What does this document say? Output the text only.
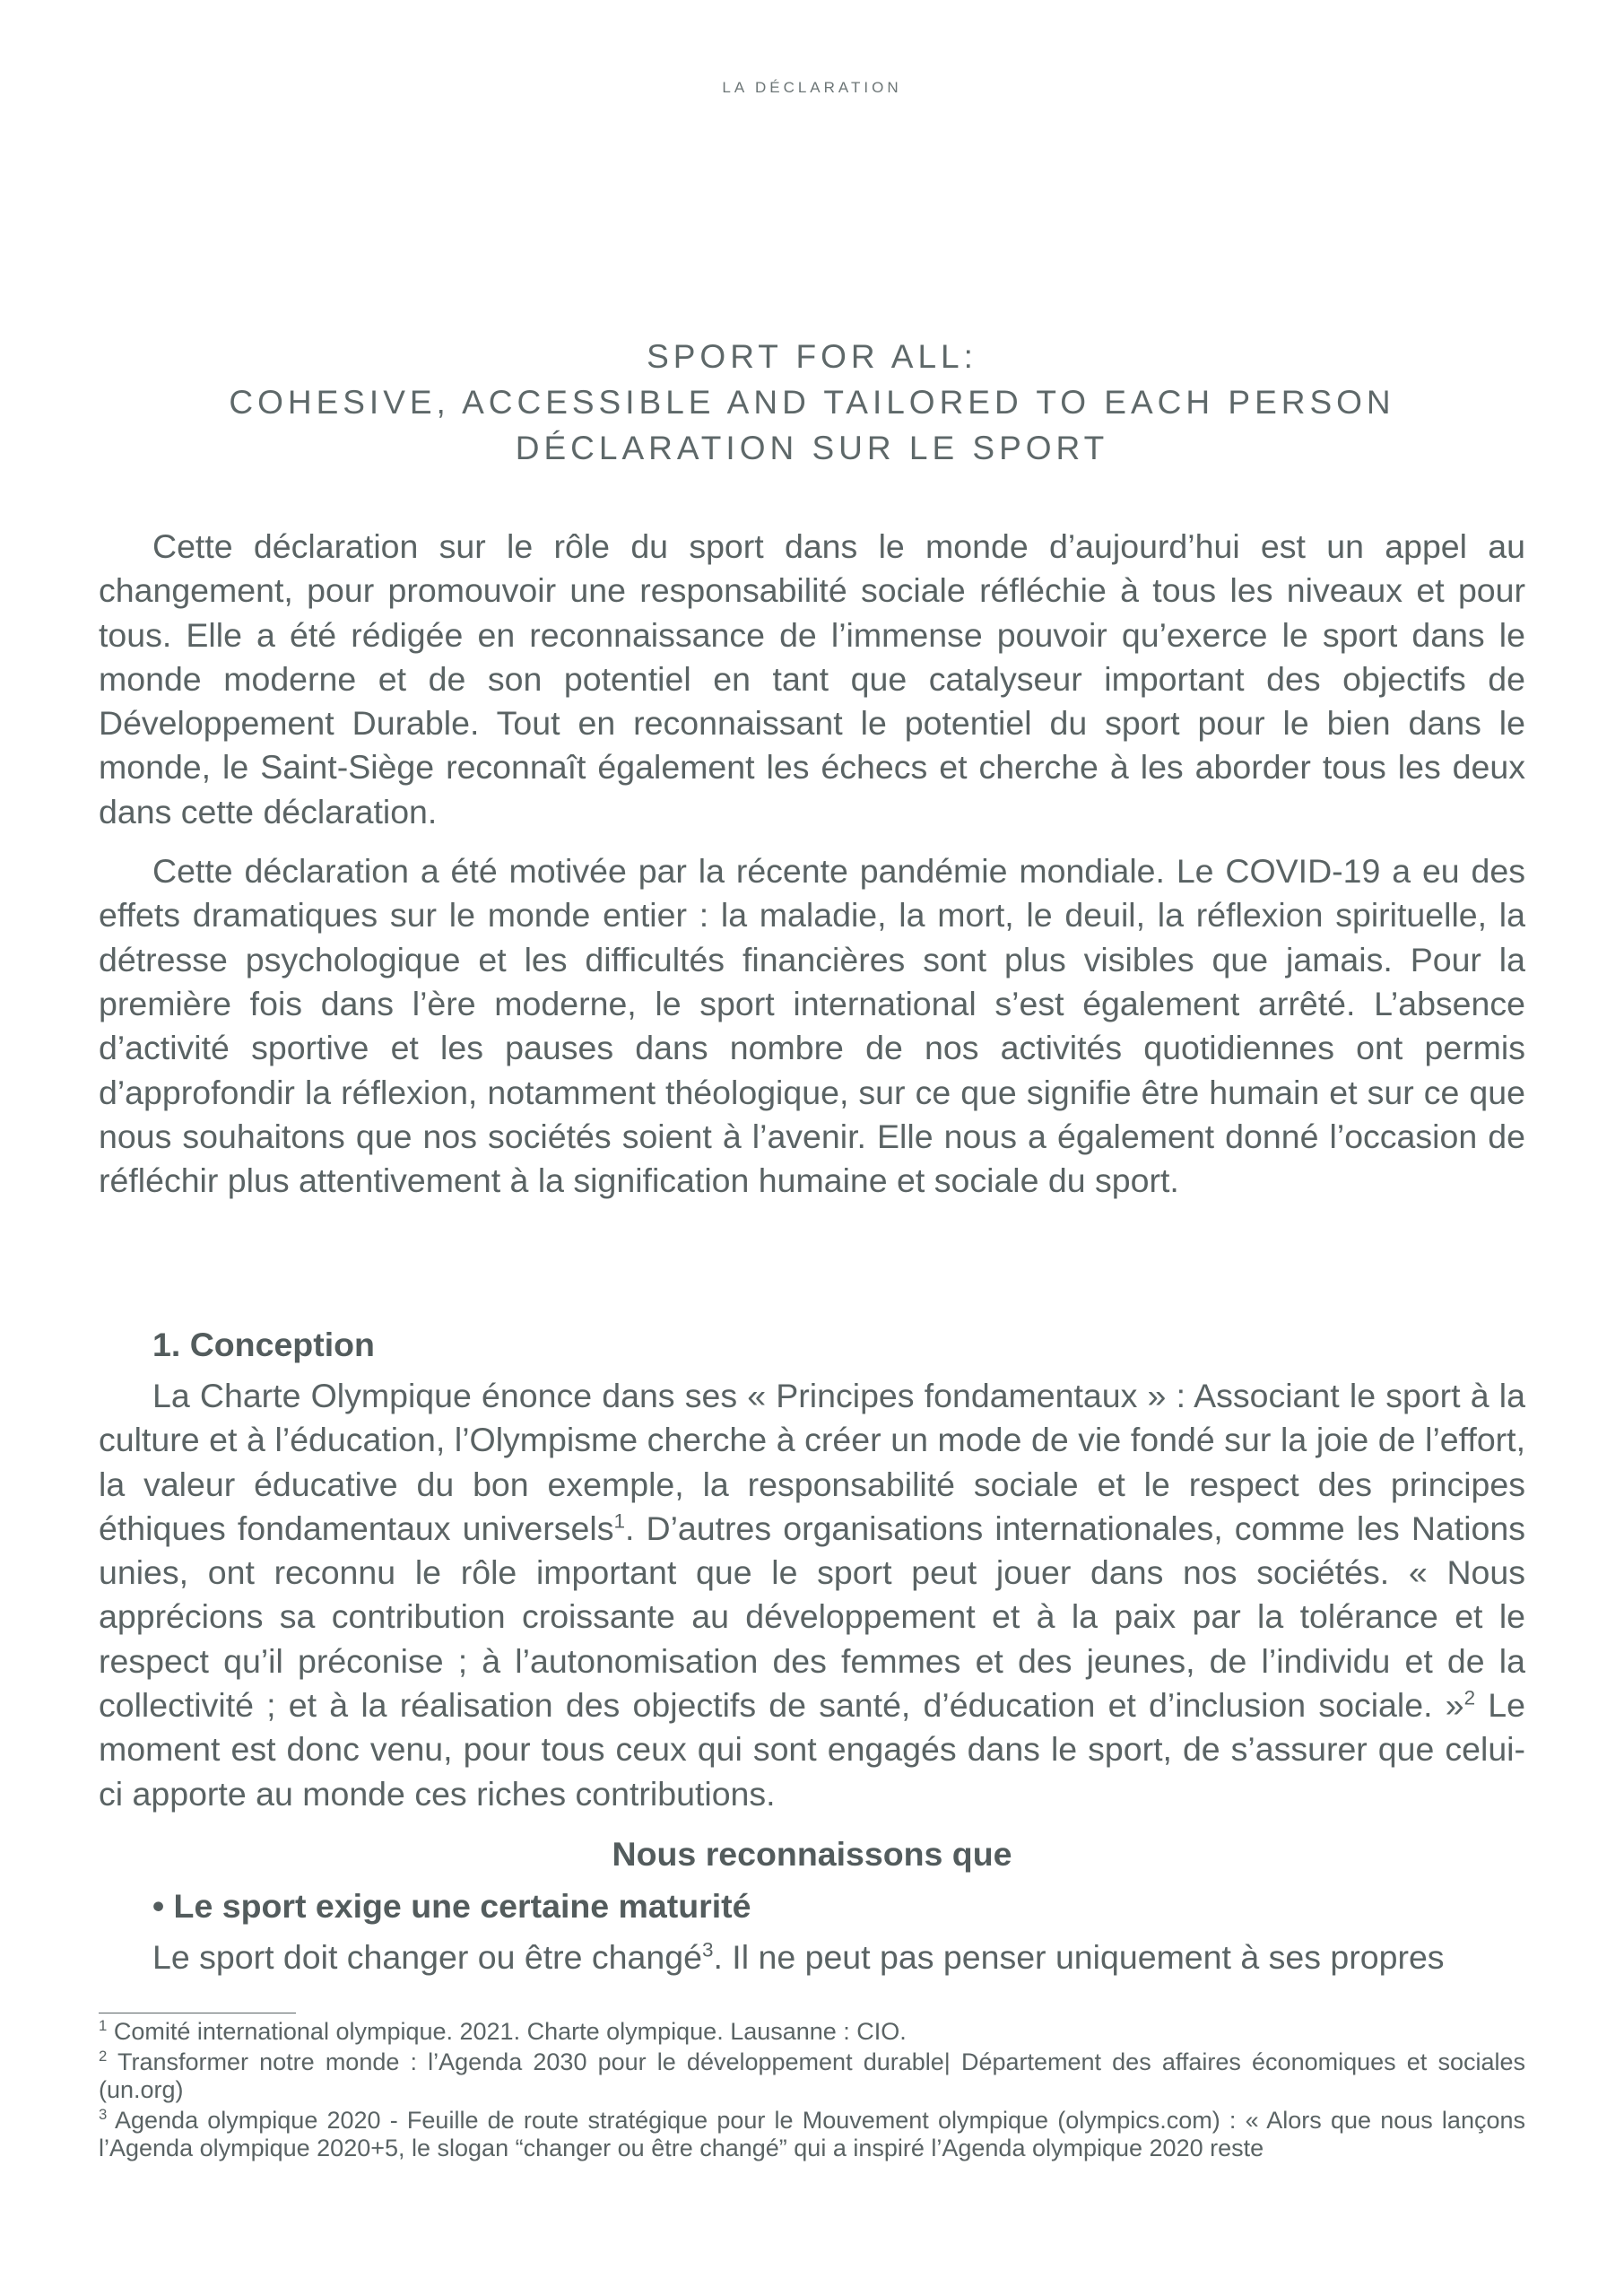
LA DÉCLARATION
SPORT FOR ALL:
COHESIVE, ACCESSIBLE AND TAILORED TO EACH PERSON
DÉCLARATION SUR LE SPORT

Cette déclaration sur le rôle du sport dans le monde d’aujourd’hui est un appel au changement, pour promouvoir une responsabilité sociale réfléchie à tous les niveaux et pour tous. Elle a été rédigée en reconnaissance de l’immense pouvoir qu’exerce le sport dans le monde moderne et de son potentiel en tant que catalyseur important des objectifs de Développement Durable. Tout en reconnaissant le potentiel du sport pour le bien dans le monde, le Saint-Siège reconnaît également les échecs et cherche à les aborder tous les deux dans cette déclaration.

Cette déclaration a été motivée par la récente pandémie mondiale. Le COVID-19 a eu des effets dramatiques sur le monde entier : la maladie, la mort, le deuil, la réflexion spirituelle, la détresse psychologique et les difficultés financières sont plus visibles que jamais. Pour la première fois dans l’ère moderne, le sport international s’est également arrêté. L’absence d’activité sportive et les pauses dans nombre de nos activités quotidiennes ont permis d’approfondir la réflexion, notamment théologique, sur ce que signifie être humain et sur ce que nous souhaitons que nos sociétés soient à l’avenir. Elle nous a également donné l’occasion de réfléchir plus attentivement à la signification humaine et sociale du sport.

1. Conception

La Charte Olympique énonce dans ses « Principes fondamentaux » : Associant le sport à la culture et à l’éducation, l’Olympisme cherche à créer un mode de vie fondé sur la joie de l’effort, la valeur éducative du bon exemple, la responsabilité sociale et le respect des principes éthiques fondamentaux universels$^1$. D’autres organisations internationales, comme les Nations unies, ont reconnu le rôle important que le sport peut jouer dans nos sociétés. « Nous apprécions sa contribution croissante au développement et à la paix par la tolérance et le respect qu’il préconise ; à l’autonomisation des femmes et des jeunes, de l’individu et de la collectivité ; et à la réalisation des objectifs de santé, d’éducation et d’inclusion sociale. »$^2$ Le moment est donc venu, pour tous ceux qui sont engagés dans le sport, de s’assurer que celui-ci apporte au monde ces riches contributions.

Nous reconnaissons que
• Le sport exige une certaine maturité

Le sport doit changer ou être changé$^3$. Il ne peut pas penser uniquement à ses propres

$^1$ Comité international olympique. 2021. Charte olympique. Lausanne : CIO.
$^2$ Transformer notre monde : l’Agenda 2030 pour le développement durable| Département des affaires économiques et sociales (un.org)
$^3$ Agenda olympique 2020 - Feuille de route stratégique pour le Mouvement olympique (olympics.com) : « Alors que nous lançons l’Agenda olympique 2020+5, le slogan “changer ou être changé” qui a inspiré l’Agenda olympique 2020 reste
